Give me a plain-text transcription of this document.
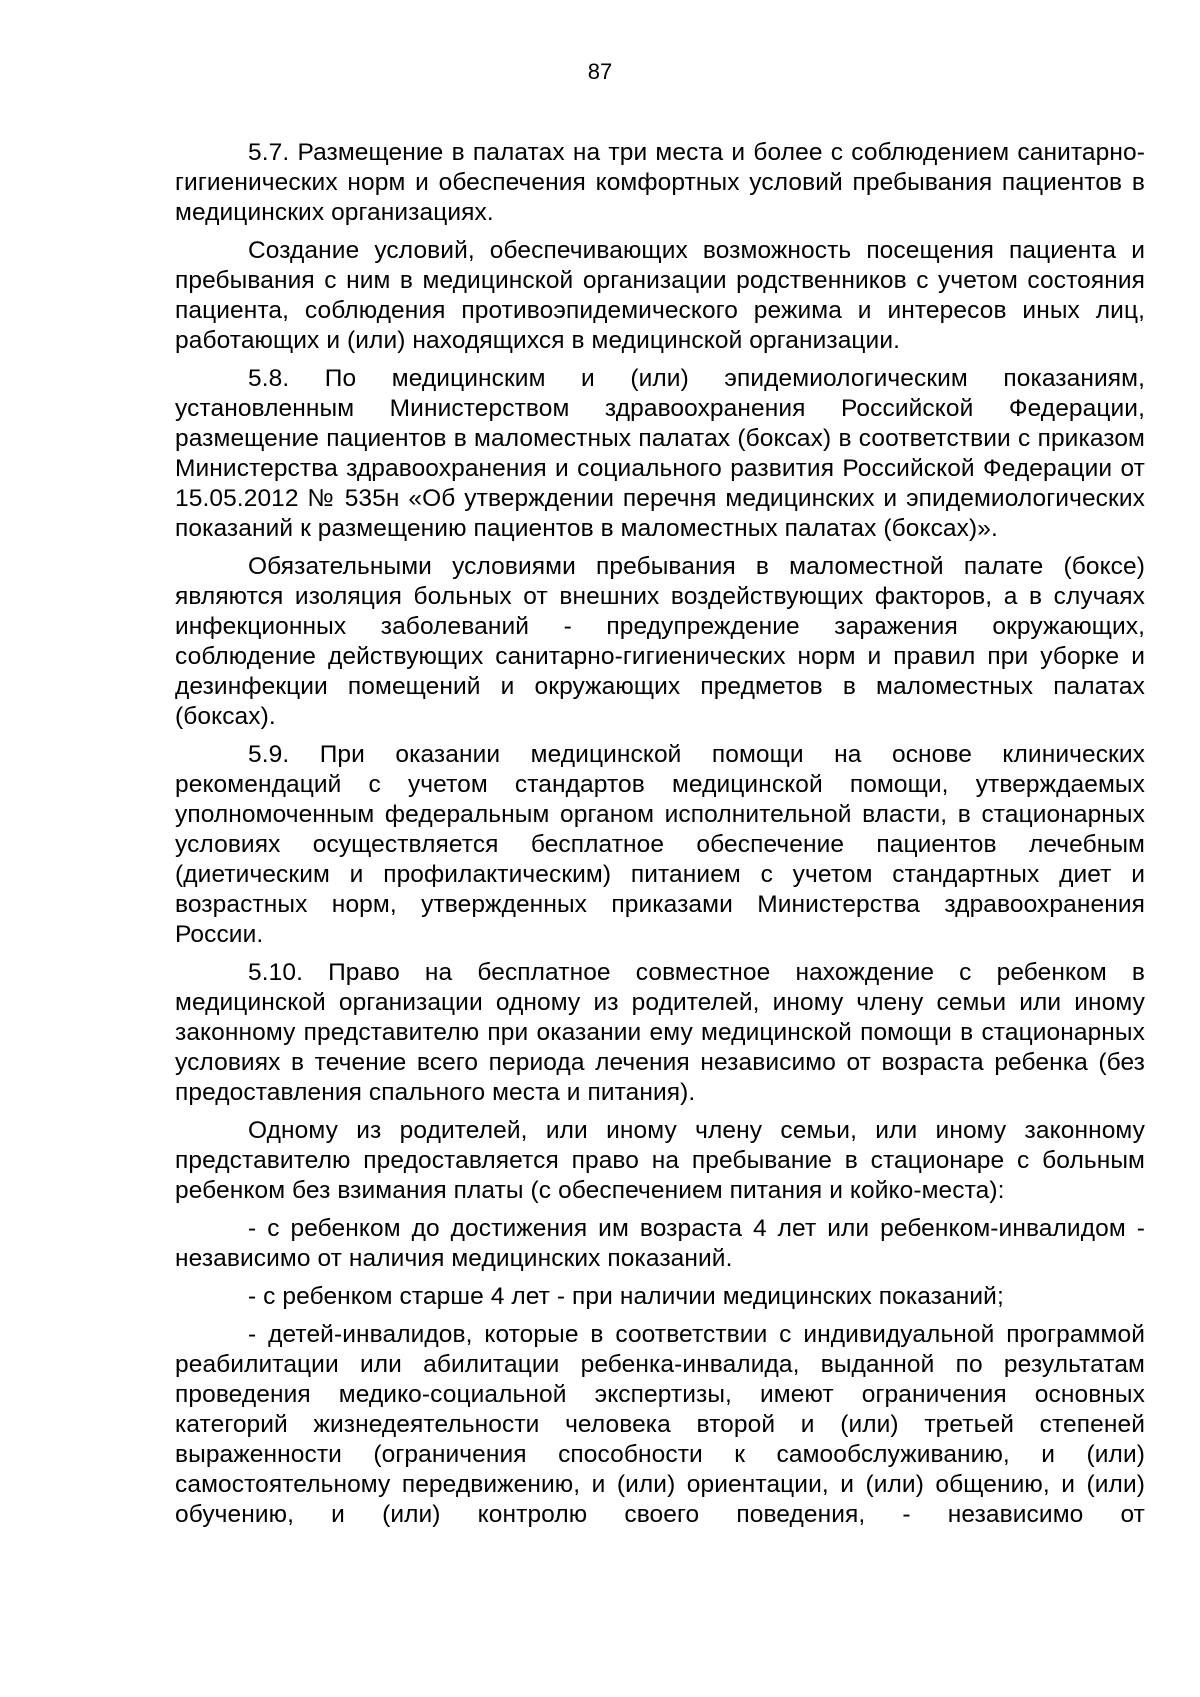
87

5.7. Размещение в палатах на три места и более с соблюдением санитарно-гигиенических норм и обеспечения комфортных условий пребывания пациентов в медицинских организациях.

Создание условий, обеспечивающих возможность посещения пациента и пребывания с ним в медицинской организации родственников с учетом состояния пациента, соблюдения противоэпидемического режима и интересов иных лиц, работающих и (или) находящихся в медицинской организации.

5.8. По медицинским и (или) эпидемиологическим показаниям, установленным Министерством здравоохранения Российской Федерации, размещение пациентов в маломестных палатах (боксах) в соответствии с приказом Министерства здравоохранения и социального развития Российской Федерации от 15.05.2012 № 535н «Об утверждении перечня медицинских и эпидемиологических показаний к размещению пациентов в маломестных палатах (боксах)».

Обязательными условиями пребывания в маломестной палате (боксе) являются изоляция больных от внешних воздействующих факторов, а в случаях инфекционных заболеваний - предупреждение заражения окружающих, соблюдение действующих санитарно-гигиенических норм и правил при уборке и дезинфекции помещений и окружающих предметов в маломестных палатах (боксах).

5.9. При оказании медицинской помощи на основе клинических рекомендаций с учетом стандартов медицинской помощи, утверждаемых уполномоченным федеральным органом исполнительной власти, в стационарных условиях осуществляется бесплатное обеспечение пациентов лечебным (диетическим и профилактическим) питанием с учетом стандартных диет и возрастных норм, утвержденных приказами Министерства здравоохранения России.

5.10. Право на бесплатное совместное нахождение с ребенком в медицинской организации одному из родителей, иному члену семьи или иному законному представителю при оказании ему медицинской помощи в стационарных условиях в течение всего периода лечения независимо от возраста ребенка (без предоставления спального места и питания).

Одному из родителей, или иному члену семьи, или иному законному представителю предоставляется право на пребывание в стационаре с больным ребенком без взимания платы (с обеспечением питания и койко-места):

- с ребенком до достижения им возраста 4 лет или ребенком-инвалидом - независимо от наличия медицинских показаний.

- с ребенком старше 4 лет - при наличии медицинских показаний;

- детей-инвалидов, которые в соответствии с индивидуальной программой реабилитации или абилитации ребенка-инвалида, выданной по результатам проведения медико-социальной экспертизы, имеют ограничения основных категорий жизнедеятельности человека второй и (или) третьей степеней выраженности (ограничения способности к самообслуживанию, и (или) самостоятельному передвижению, и (или) ориентации, и (или) общению, и (или) обучению, и (или) контролю своего поведения, - независимо от
